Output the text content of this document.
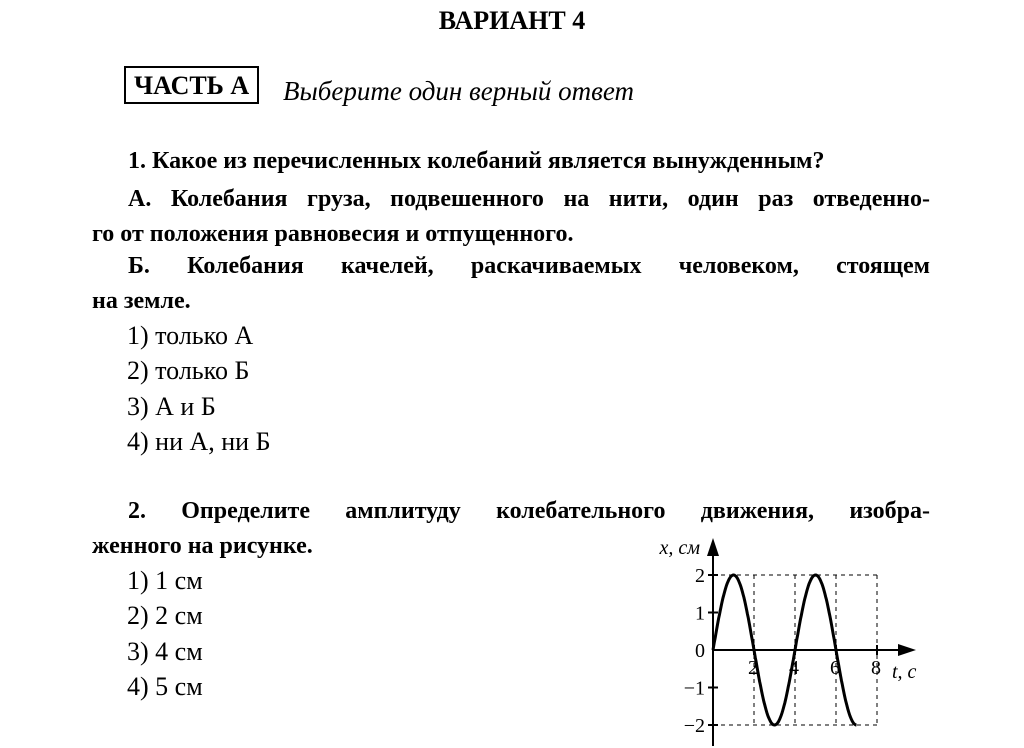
ВАРИАНТ 4
ЧАСТЬ А	Выберите один верный ответ
1. Какое из перечисленных колебаний является вынужденным?
А. Колебания груза, подвешенного на нити, один раз отведенно-
го от положения равновесия и отпущенного.
Б. Колебания качелей, раскачиваемых человеком, стоящем
на земле.
1) только А
2) только Б
3) А и Б
4) ни А, ни Б
2. Определите амплитуду колебательного движения, изобра-
женного на рисунке.
1) 1 см
2) 2 см
3) 4 см
4) 5 см
x, см
t, с
2 4 6 8
2
1
0
−1
−2
